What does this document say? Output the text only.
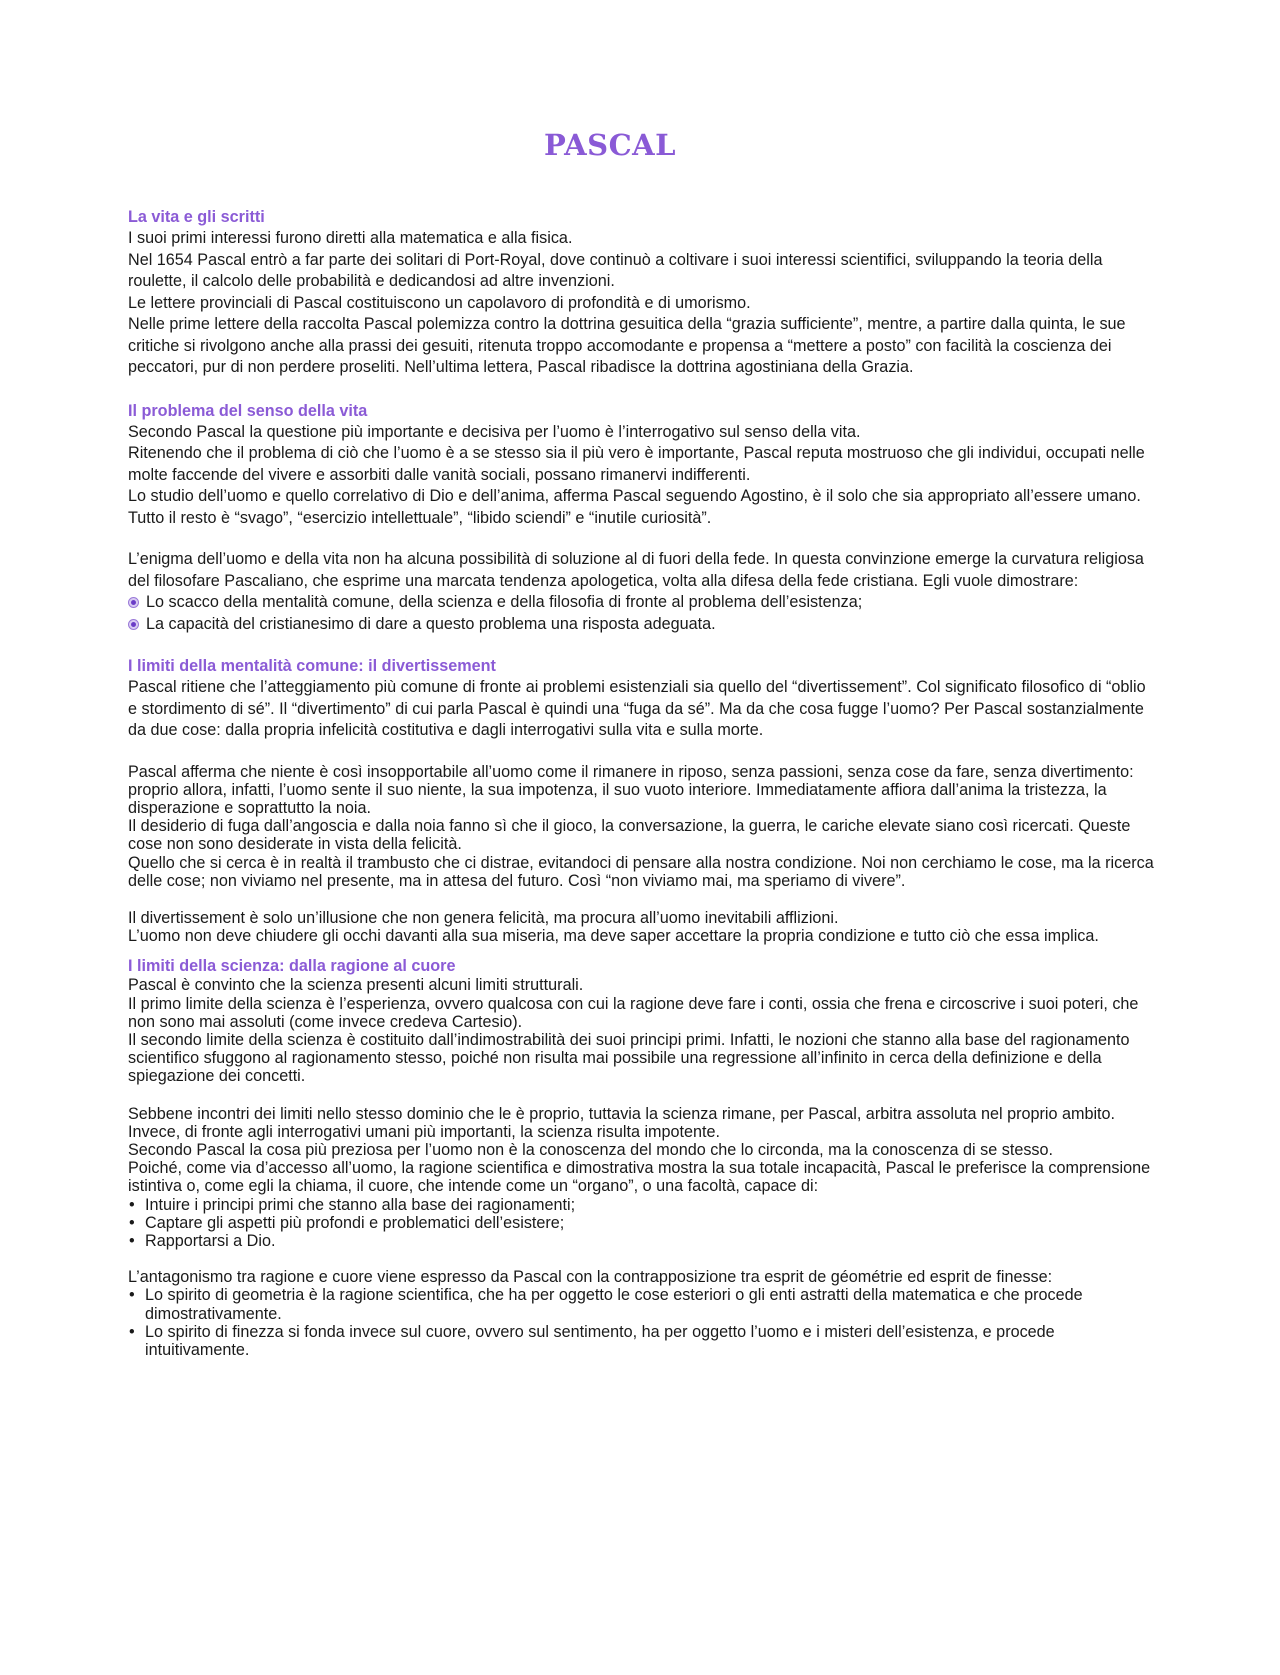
PASCAL
La vita e gli scritti

I suoi primi interessi furono diretti alla matematica e alla fisica.

Nel 1654 Pascal entrò a far parte dei solitari di Port-Royal, dove continuò a coltivare i suoi interessi scientifici, sviluppando la teoria della roulette, il calcolo delle probabilità e dedicandosi ad altre invenzioni.

Le lettere provinciali di Pascal costituiscono un capolavoro di profondità e di umorismo.

Nelle prime lettere della raccolta Pascal polemizza contro la dottrina gesuitica della “grazia sufficiente”, mentre, a partire dalla quinta, le sue critiche si rivolgono anche alla prassi dei gesuiti, ritenuta troppo accomodante e propensa a “mettere a posto” con facilità la coscienza dei peccatori, pur di non perdere proseliti. Nell’ultima lettera, Pascal ribadisce la dottrina agostiniana della Grazia.

Il problema del senso della vita

Secondo Pascal la questione più importante e decisiva per l’uomo è l’interrogativo sul senso della vita.

Ritenendo che il problema di ciò che l’uomo è a se stesso sia il più vero è importante, Pascal reputa mostruoso che gli individui, occupati nelle molte faccende del vivere e assorbiti dalle vanità sociali, possano rimanervi indifferenti.

Lo studio dell’uomo e quello correlativo di Dio e dell’anima, afferma Pascal seguendo Agostino, è il solo che sia appropriato all’essere umano. Tutto il resto è “svago”, “esercizio intellettuale”, “libido sciendi” e “inutile curiosità”.

L’enigma dell’uomo e della vita non ha alcuna possibilità di soluzione al di fuori della fede. In questa convinzione emerge la curvatura religiosa del filosofare Pascaliano, che esprime una marcata tendenza apologetica, volta alla difesa della fede cristiana. Egli vuole dimostrare:

Lo scacco della mentalità comune, della scienza e della filosofia di fronte al problema dell’esistenza;
La capacità del cristianesimo di dare a questo problema una risposta adeguata.
I limiti della mentalità comune: il divertissement

Pascal ritiene che l’atteggiamento più comune di fronte ai problemi esistenziali sia quello del “divertissement”. Col significato filosofico di “oblio e stordimento di sé”. Il “divertimento” di cui parla Pascal è quindi una “fuga da sé”. Ma da che cosa fugge l’uomo? Per Pascal sostanzialmente da due cose: dalla propria infelicità costitutiva e dagli interrogativi sulla vita e sulla morte.

Pascal afferma che niente è così insopportabile all’uomo come il rimanere in riposo, senza passioni, senza cose da fare, senza divertimento: proprio allora, infatti, l’uomo sente il suo niente, la sua impotenza, il suo vuoto interiore. Immediatamente affiora dall’anima la tristezza, la disperazione e soprattutto la noia.

Il desiderio di fuga dall’angoscia e dalla noia fanno sì che il gioco, la conversazione, la guerra, le cariche elevate siano così ricercati. Queste cose non sono desiderate in vista della felicità.

Quello che si cerca è in realtà il trambusto che ci distrae, evitandoci di pensare alla nostra condizione. Noi non cerchiamo le cose, ma la ricerca delle cose; non viviamo nel presente, ma in attesa del futuro. Così “non viviamo mai, ma speriamo di vivere”.

Il divertissement è solo un’illusione che non genera felicità, ma procura all’uomo inevitabili afflizioni.

L’uomo non deve chiudere gli occhi davanti alla sua miseria, ma deve saper accettare la propria condizione e tutto ciò che essa implica.

I limiti della scienza: dalla ragione al cuore

Pascal è convinto che la scienza presenti alcuni limiti strutturali.

Il primo limite della scienza è l’esperienza, ovvero qualcosa con cui la ragione deve fare i conti, ossia che frena e circoscrive i suoi poteri, che non sono mai assoluti (come invece credeva Cartesio).

Il secondo limite della scienza è costituito dall’indimostrabilità dei suoi principi primi. Infatti, le nozioni che stanno alla base del ragionamento scientifico sfuggono al ragionamento stesso, poiché non risulta mai possibile una regressione all’infinito in cerca della definizione e della spiegazione dei concetti.

Sebbene incontri dei limiti nello stesso dominio che le è proprio, tuttavia la scienza rimane, per Pascal, arbitra assoluta nel proprio ambito.

Invece, di fronte agli interrogativi umani più importanti, la scienza risulta impotente.

Secondo Pascal la cosa più preziosa per l’uomo non è la conoscenza del mondo che lo circonda, ma la conoscenza di se stesso.

Poiché, come via d’accesso all’uomo, la ragione scientifica e dimostrativa mostra la sua totale incapacità, Pascal le preferisce la comprensione istintiva o, come egli la chiama, il cuore, che intende come un “organo”, o una facoltà, capace di:

• Intuire i principi primi che stanno alla base dei ragionamenti;
• Captare gli aspetti più profondi e problematici dell’esistere;
• Rapportarsi a Dio.

L’antagonismo tra ragione e cuore viene espresso da Pascal con la contrapposizione tra esprit de géométrie ed esprit de finesse:

• Lo spirito di geometria è la ragione scientifica, che ha per oggetto le cose esteriori o gli enti astratti della matematica e che procede dimostrativamente.
• Lo spirito di finezza si fonda invece sul cuore, ovvero sul sentimento, ha per oggetto l’uomo e i misteri dell’esistenza, e procede intuitivamente.
